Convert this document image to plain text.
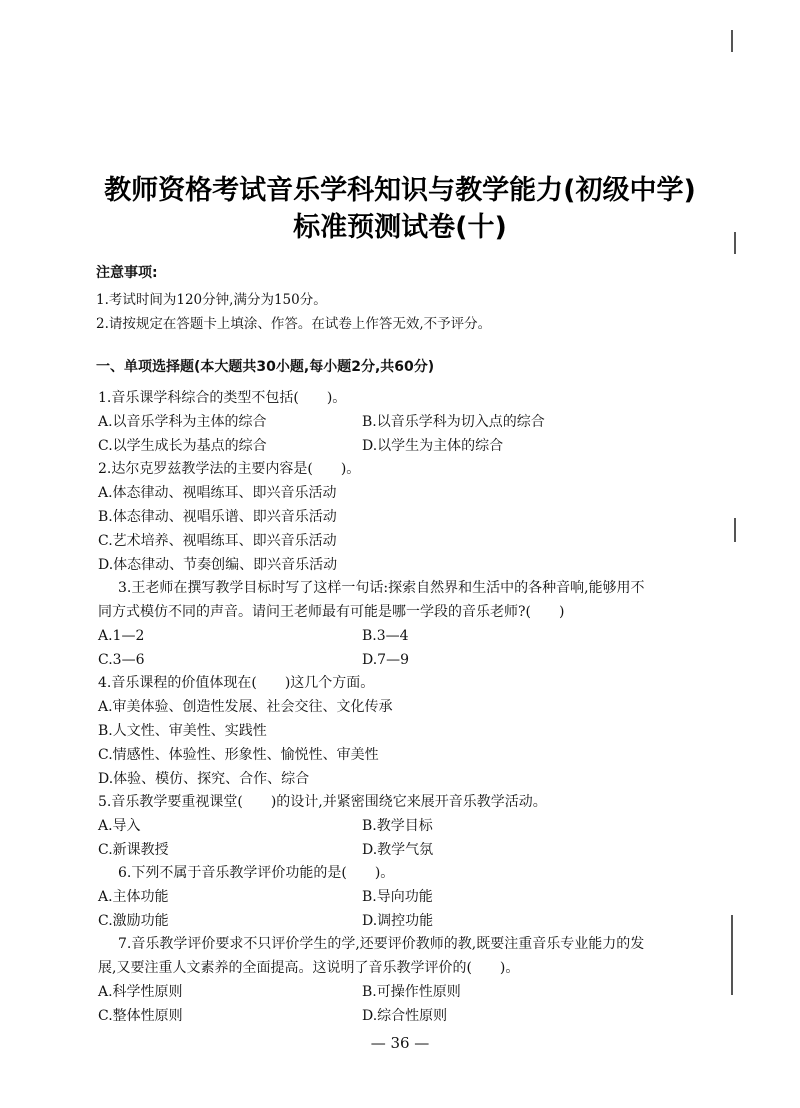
教师资格考试音乐学科知识与教学能力(初级中学)
标准预测试卷(十)
注意事项:
1.考试时间为120分钟,满分为150分。
2.请按规定在答题卡上填涂、作答。在试卷上作答无效,不予评分。
一、单项选择题(本大题共30小题,每小题2分,共60分)
1.音乐课学科综合的类型不包括(　　)。
A.以音乐学科为主体的综合	B.以音乐学科为切入点的综合
C.以学生成长为基点的综合	D.以学生为主体的综合
2.达尔克罗兹教学法的主要内容是(　　)。
A.体态律动、视唱练耳、即兴音乐活动
B.体态律动、视唱乐谱、即兴音乐活动
C.艺术培养、视唱练耳、即兴音乐活动
D.体态律动、节奏创编、即兴音乐活动
3.王老师在撰写教学目标时写了这样一句话:探索自然界和生活中的各种音响,能够用不
同方式模仿不同的声音。请问王老师最有可能是哪一学段的音乐老师?(　　)
A.1—2	B.3—4
C.3—6	D.7—9
4.音乐课程的价值体现在(　　)这几个方面。
A.审美体验、创造性发展、社会交往、文化传承
B.人文性、审美性、实践性
C.情感性、体验性、形象性、愉悦性、审美性
D.体验、模仿、探究、合作、综合
5.音乐教学要重视课堂(　　)的设计,并紧密围绕它来展开音乐教学活动。
A.导入	B.教学目标
C.新课教授	D.教学气氛
6.下列不属于音乐教学评价功能的是(　　)。
A.主体功能	B.导向功能
C.激励功能	D.调控功能
7.音乐教学评价要求不只评价学生的学,还要评价教师的教,既要注重音乐专业能力的发
展,又要注重人文素养的全面提高。这说明了音乐教学评价的(　　)。
A.科学性原则	B.可操作性原则
C.整体性原则	D.综合性原则
— 36 —
